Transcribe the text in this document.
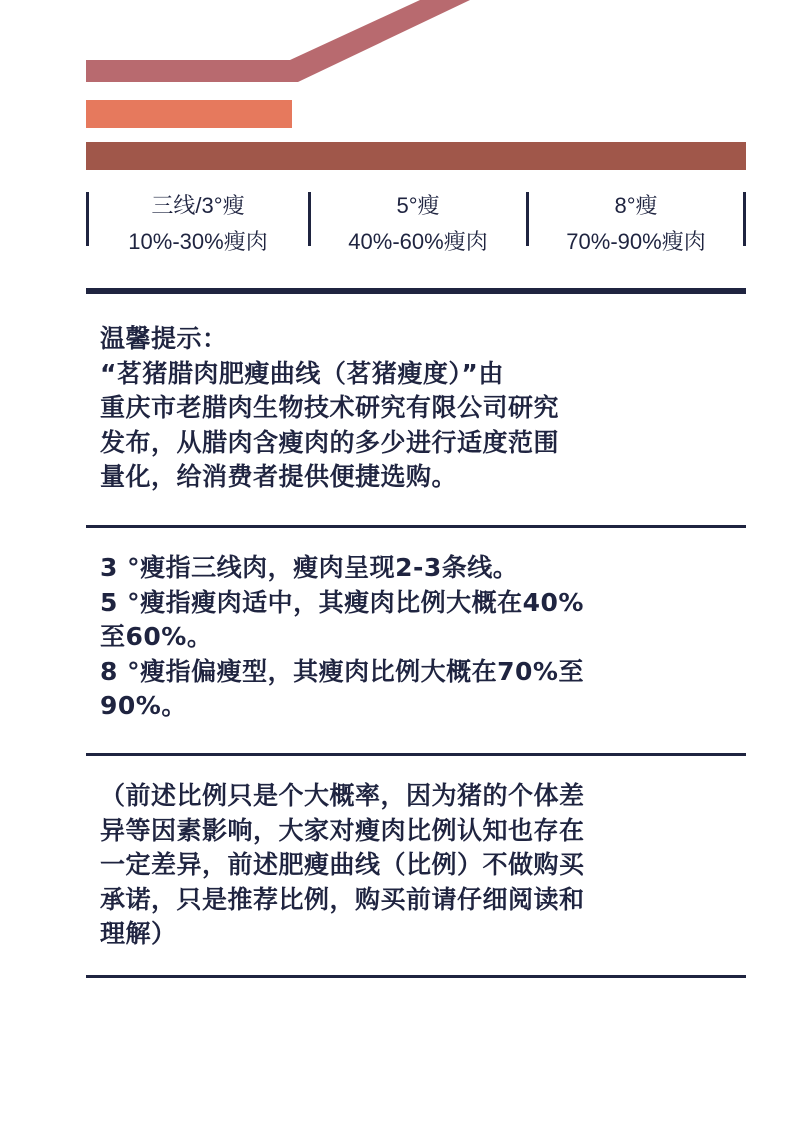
三线/3°瘦
10%-30%瘦肉
5°瘦
40%-60%瘦肉
8°瘦
70%-90%瘦肉
温馨提示：
“茗猪腊肉肥瘦曲线（茗猪瘦度）”由
重庆市老腊肉生物技术研究有限公司研究
发布，从腊肉含瘦肉的多少进行适度范围
量化，给消费者提供便捷选购。
3 °瘦指三线肉，瘦肉呈现2-3条线。
5 °瘦指瘦肉适中，其瘦肉比例大概在40%
至60%。
8 °瘦指偏瘦型，其瘦肉比例大概在70%至
90%。
（前述比例只是个大概率，因为猪的个体差
异等因素影响，大家对瘦肉比例认知也存在
一定差异，前述肥瘦曲线（比例）不做购买
承诺，只是推荐比例，购买前请仔细阅读和
理解）
